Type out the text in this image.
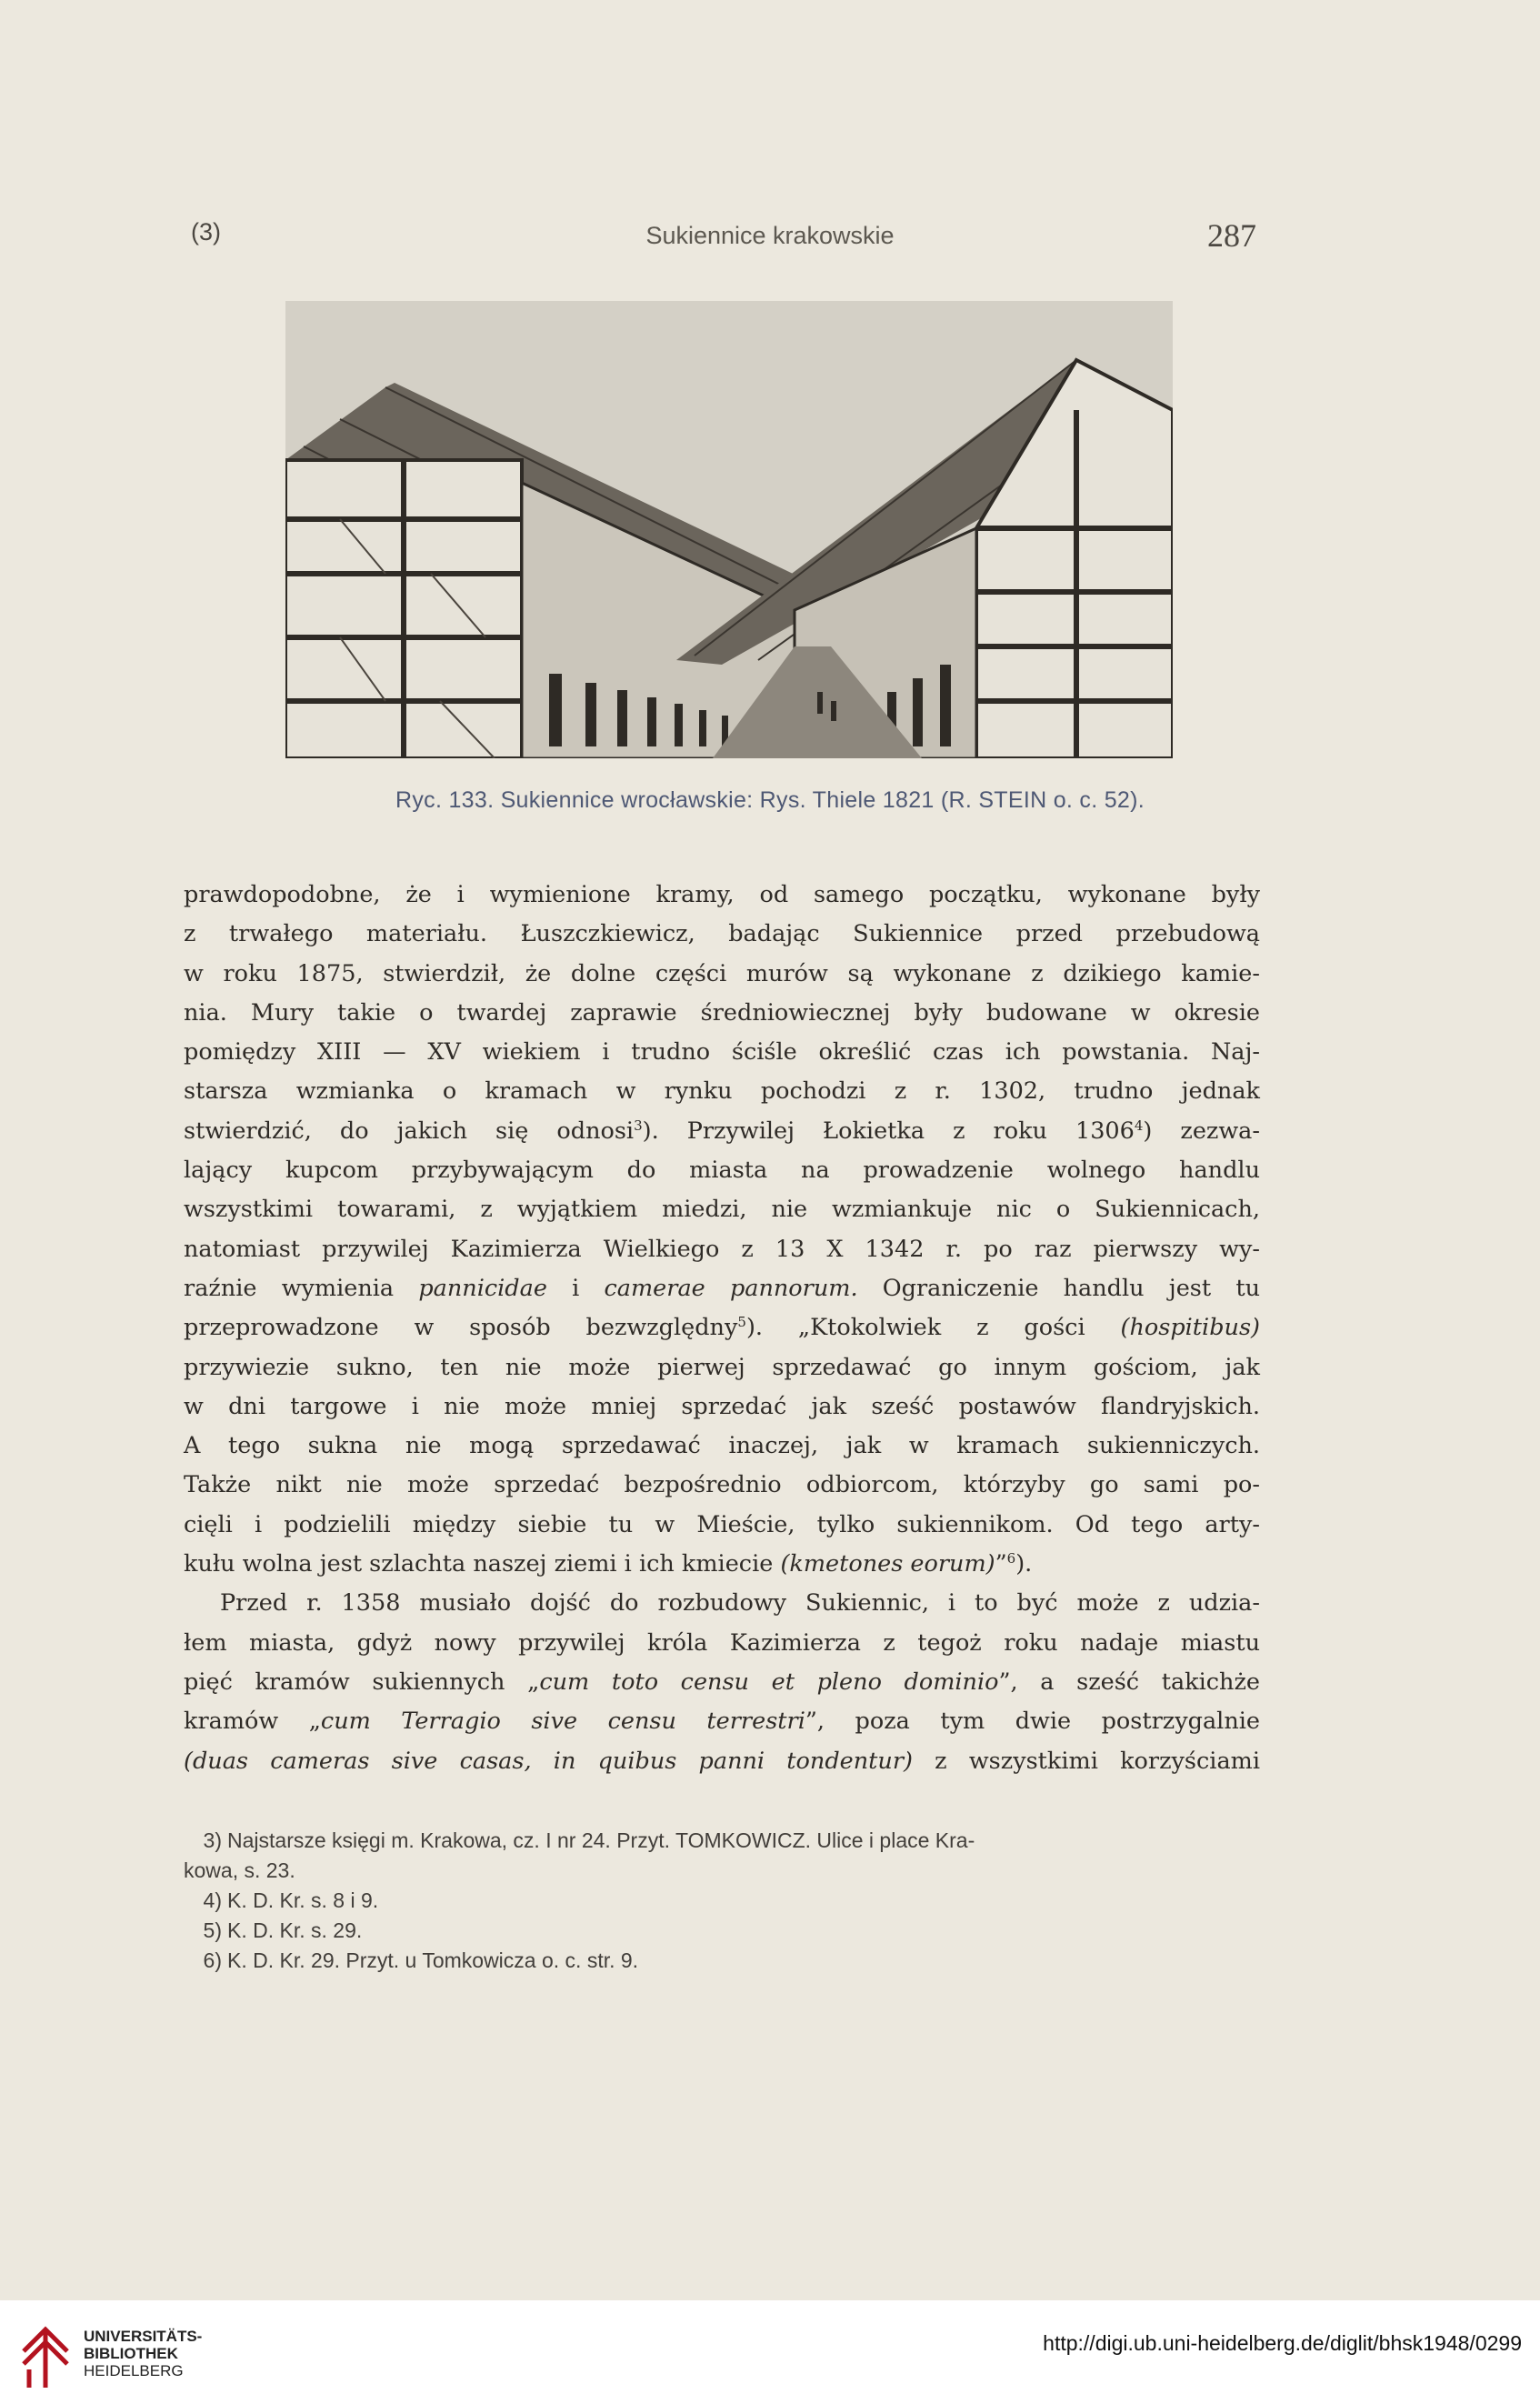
(3)	Sukiennice krakowskie	287
Ryc. 133. Sukiennice wrocławskie: Rys. Thiele 1821 (R. STEIN o. c. 52).

prawdopodobne, że i wymienione kramy, od samego początku, wykonane były

z trwałego materiału. Łuszczkiewicz, badając Sukiennice przed przebudową

w roku 1875, stwierdził, że dolne części murów są wykonane z dzikiego kamie-

nia. Mury takie o twardej zaprawie średniowiecznej były budowane w okresie

pomiędzy XIII — XV wiekiem i trudno ściśle określić czas ich powstania. Naj-

starsza wzmianka o kramach w rynku pochodzi z r. 1302, trudno jednak

stwierdzić, do jakich się odnosi$^3$). Przywilej Łokietka z roku 1306$^4$) zezwa-

lający kupcom przybywającym do miasta na prowadzenie wolnego handlu

wszystkimi towarami, z wyjątkiem miedzi, nie wzmiankuje nic o Sukiennicach,

natomiast przywilej Kazimierza Wielkiego z 13 X 1342 r. po raz pierwszy wy-

raźnie wymienia pannicidae i camerae pannorum. Ograniczenie handlu jest tu

przeprowadzone w sposób bezwzględny$^5$). „Ktokolwiek z gości (hospitibus)

przywiezie sukno, ten nie może pierwej sprzedawać go innym gościom, jak

w dni targowe i nie może mniej sprzedać jak sześć postawów flandryjskich.

A tego sukna nie mogą sprzedawać inaczej, jak w kramach sukienniczych.

Także nikt nie może sprzedać bezpośrednio odbiorcom, którzyby go sami po-

cięli i podzielili między siebie tu w Mieście, tylko sukiennikom. Od tego arty-

kułu wolna jest szlachta naszej ziemi i ich kmiecie (kmetones eorum)”$^6$).

Przed r. 1358 musiało dojść do rozbudowy Sukiennic, i to być może z udzia-

łem miasta, gdyż nowy przywilej króla Kazimierza z tegoż roku nadaje miastu

pięć kramów sukiennych „cum toto censu et pleno dominio”, a sześć takichże

kramów „cum Terragio sive censu terrestri”, poza tym dwie postrzygalnie

(duas cameras sive casas, in quibus panni tondentur) z wszystkimi korzyściami

3) Najstarsze księgi m. Krakowa, cz. I nr 24. Przyt. TOMKOWICZ. Ulice i place Kra-

kowa, s. 23.

4) K. D. Kr. s. 8 i 9.

5) K. D. Kr. s. 29.

6) K. D. Kr. 29. Przyt. u Tomkowicza o. c. str. 9.

UNIVERSITÄTS-
BIBLIOTHEK
HEIDELBERG
http://digi.ub.uni-heidelberg.de/diglit/bhsk1948/0299
